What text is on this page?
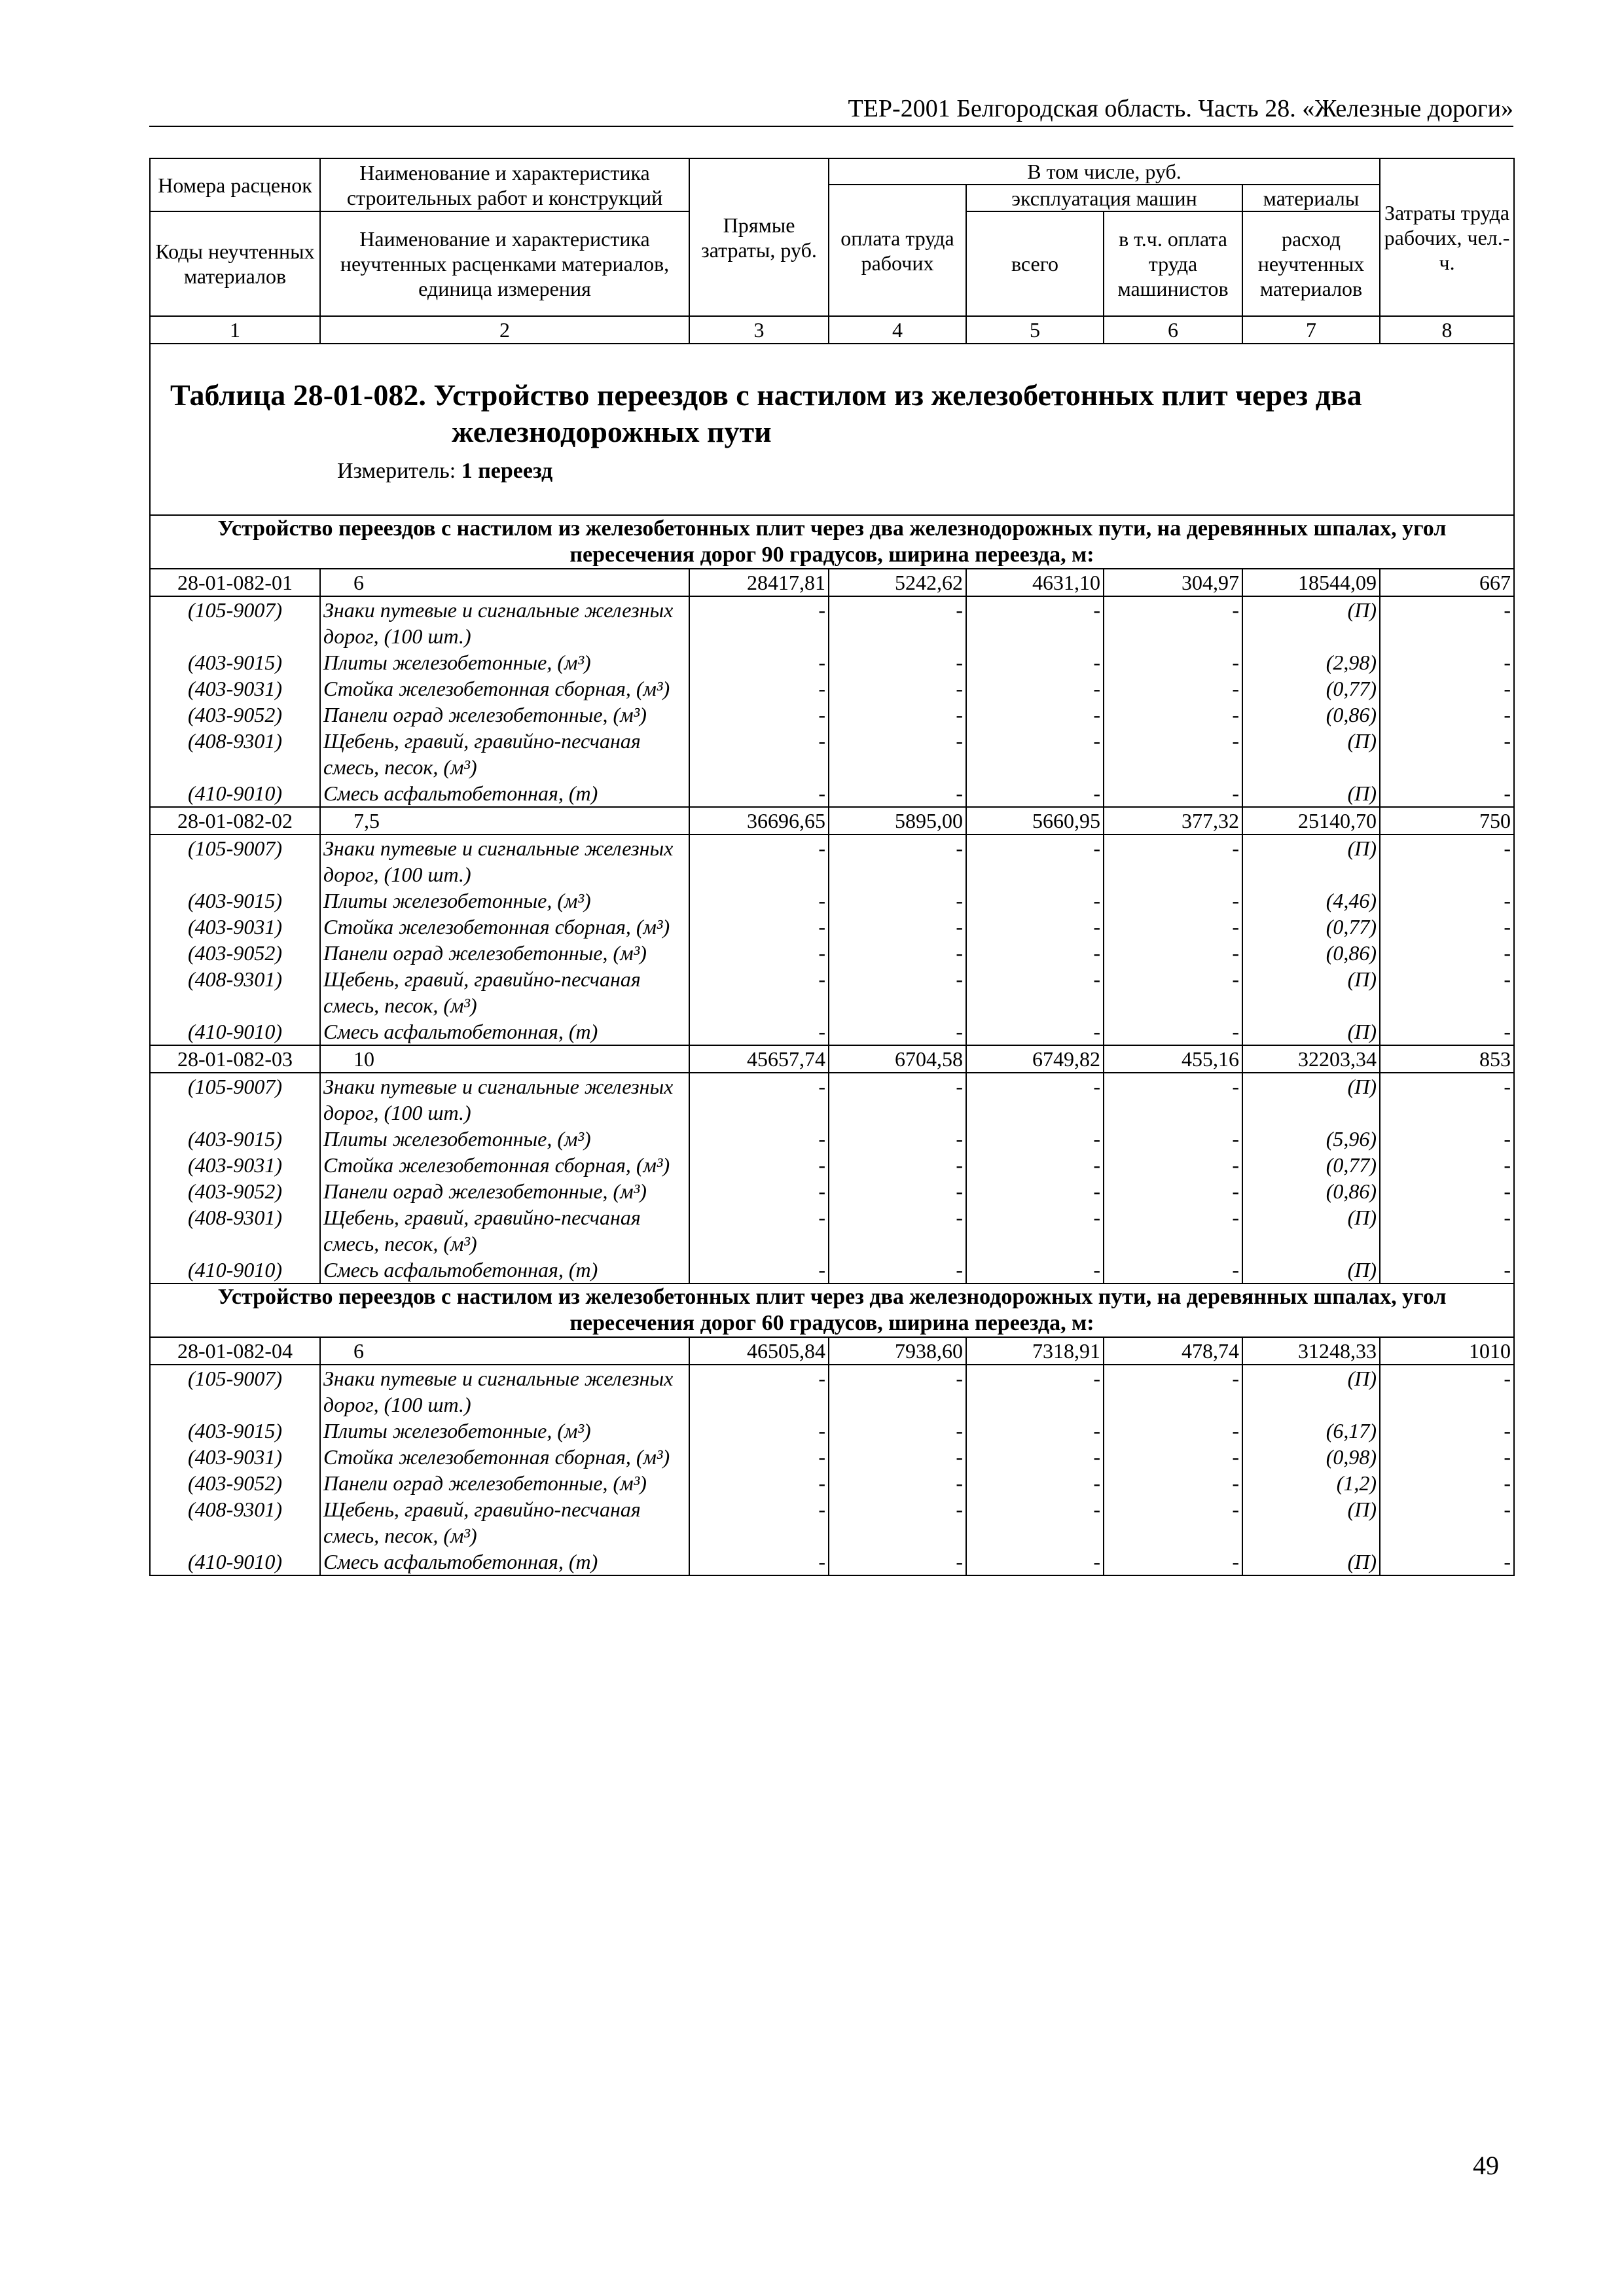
ТЕР-2001 Белгородская область. Часть 28. «Железные дороги»
Номера расценок	Наименование и характеристика строительных работ и конструкций	Прямые затраты, руб.	В том числе, руб.				Затраты труда рабочих, чел.-ч.
			оплата труда рабочих	эксплуатация машин		материалы	
Коды неучтенных материалов	Наименование и характеристика неучтенных расценками материалов, единица измерения			всего	в т.ч. оплата труда машинистов	расход неучтенных материалов	

1	2	3	4	5	6	7	8

Таблица 28-01-082. Устройство переездов с настилом из железобетонных плит через два
железнодорожных пути
Измеритель: 1 переезд							

Устройство переездов с настилом из железобетонных плит через два железнодорожных пути, на деревянных шпалах, угол пересечения дорог 90 градусов, ширина переезда, м:							
28-01-082-01	6	28417,81	5242,62	4631,10	304,97	18544,09	667
(105-9007)	Знаки путевые и сигнальные железных дорог, (100 шт.)	-	-	-	-	(П)	-
(403-9015)	Плиты железобетонные, (м³)	-	-	-	-	(2,98)	-
(403-9031)	Стойка железобетонная сборная, (м³)	-	-	-	-	(0,77)	-
(403-9052)	Панели оград железобетонные, (м³)	-	-	-	-	(0,86)	-
(408-9301)	Щебень, гравий, гравийно-песчаная смесь, песок, (м³)	-	-	-	-	(П)	-
(410-9010)	Смесь асфальтобетонная, (т)	-	-	-	-	(П)	-
28-01-082-02	7,5	36696,65	5895,00	5660,95	377,32	25140,70	750
(105-9007)	Знаки путевые и сигнальные железных дорог, (100 шт.)	-	-	-	-	(П)	-
(403-9015)	Плиты железобетонные, (м³)	-	-	-	-	(4,46)	-
(403-9031)	Стойка железобетонная сборная, (м³)	-	-	-	-	(0,77)	-
(403-9052)	Панели оград железобетонные, (м³)	-	-	-	-	(0,86)	-
(408-9301)	Щебень, гравий, гравийно-песчаная смесь, песок, (м³)	-	-	-	-	(П)	-
(410-9010)	Смесь асфальтобетонная, (т)	-	-	-	-	(П)	-
28-01-082-03	10	45657,74	6704,58	6749,82	455,16	32203,34	853
(105-9007)	Знаки путевые и сигнальные железных дорог, (100 шт.)	-	-	-	-	(П)	-
(403-9015)	Плиты железобетонные, (м³)	-	-	-	-	(5,96)	-
(403-9031)	Стойка железобетонная сборная, (м³)	-	-	-	-	(0,77)	-
(403-9052)	Панели оград железобетонные, (м³)	-	-	-	-	(0,86)	-
(408-9301)	Щебень, гравий, гравийно-песчаная смесь, песок, (м³)	-	-	-	-	(П)	-
(410-9010)	Смесь асфальтобетонная, (т)	-	-	-	-	(П)	-
Устройство переездов с настилом из железобетонных плит через два железнодорожных пути, на деревянных шпалах, угол пересечения дорог 60 градусов, ширина переезда, м:							
28-01-082-04	6	46505,84	7938,60	7318,91	478,74	31248,33	1010
(105-9007)	Знаки путевые и сигнальные железных дорог, (100 шт.)	-	-	-	-	(П)	-
(403-9015)	Плиты железобетонные, (м³)	-	-	-	-	(6,17)	-
(403-9031)	Стойка железобетонная сборная, (м³)	-	-	-	-	(0,98)	-
(403-9052)	Панели оград железобетонные, (м³)	-	-	-	-	(1,2)	-
(408-9301)	Щебень, гравий, гравийно-песчаная смесь, песок, (м³)	-	-	-	-	(П)	-
(410-9010)	Смесь асфальтобетонная, (т)	-	-	-	-	(П)	-
49
